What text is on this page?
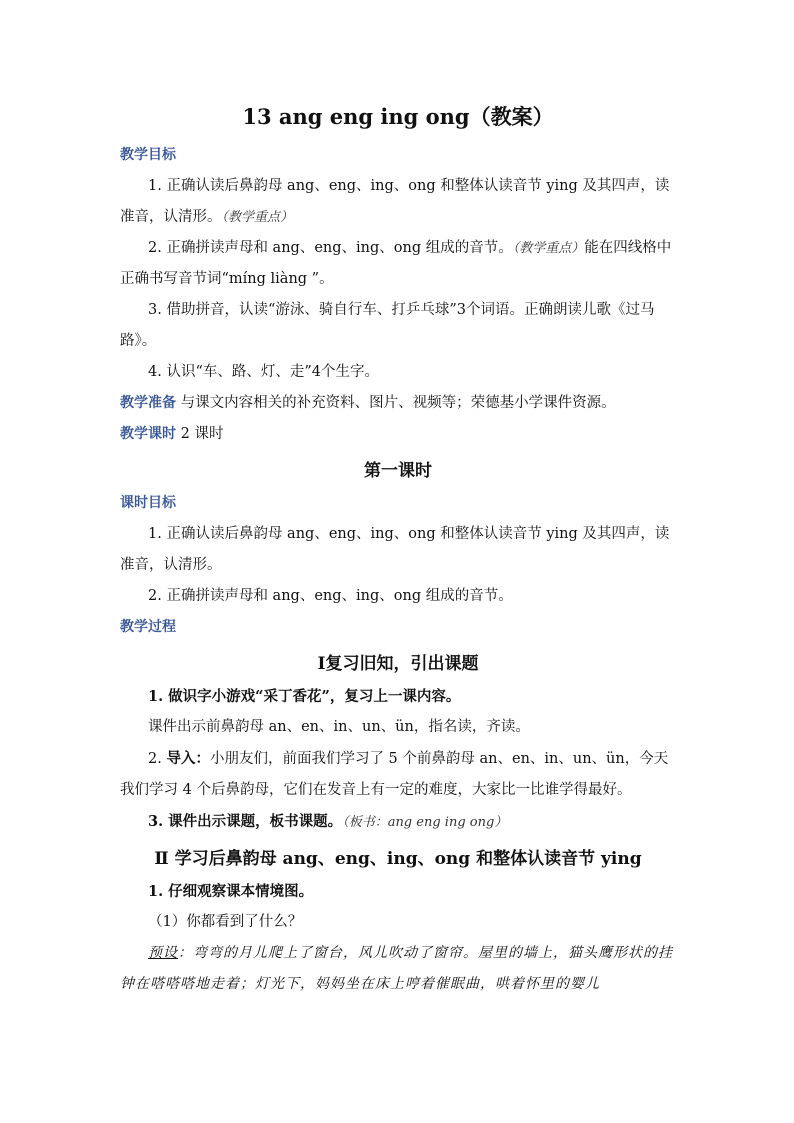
13 ang eng ing ong（教案）
教学目标

1. 正确认读后鼻韵母 ang、eng、ing、ong 和整体认读音节 ying 及其四声，读准音，认清形。（教学重点）

2. 正确拼读声母和 ang、eng、ing、ong 组成的音节。（教学重点）能在四线格中正确书写音节词“míng liàng ”。

3. 借助拼音，认读“游泳、骑自行车、打乒乓球”3个词语。正确朗读儿歌《过马路》。

4. 认识“车、路、灯、走”4个生字。

教学准备 与课文内容相关的补充资料、图片、视频等；荣德基小学课件资源。

教学课时 2 课时

第一课时
课时目标

1. 正确认读后鼻韵母 ang、eng、ing、ong 和整体认读音节 ying 及其四声，读准音，认清形。

2. 正确拼读声母和 ang、eng、ing、ong 组成的音节。

教学过程
Ⅰ复习旧知，引出课题

1. 做识字小游戏“采丁香花”，复习上一课内容。

课件出示前鼻韵母 an、en、in、un、ün，指名读，齐读。

2. 导入：小朋友们，前面我们学习了 5 个前鼻韵母 an、en、in、un、ün，今天我们学习 4 个后鼻韵母，它们在发音上有一定的难度，大家比一比谁学得最好。

3. 课件出示课题，板书课题。（板书：ang eng ing ong）

Ⅱ 学习后鼻韵母 ang、eng、ing、ong 和整体认读音节 ying

1. 仔细观察课本情境图。

（1）你都看到了什么？

预设：弯弯的月儿爬上了窗台，风儿吹动了窗帘。屋里的墙上，猫头鹰形状的挂钟在嗒嗒嗒地走着；灯光下，妈妈坐在床上哼着催眠曲，哄着怀里的婴儿
